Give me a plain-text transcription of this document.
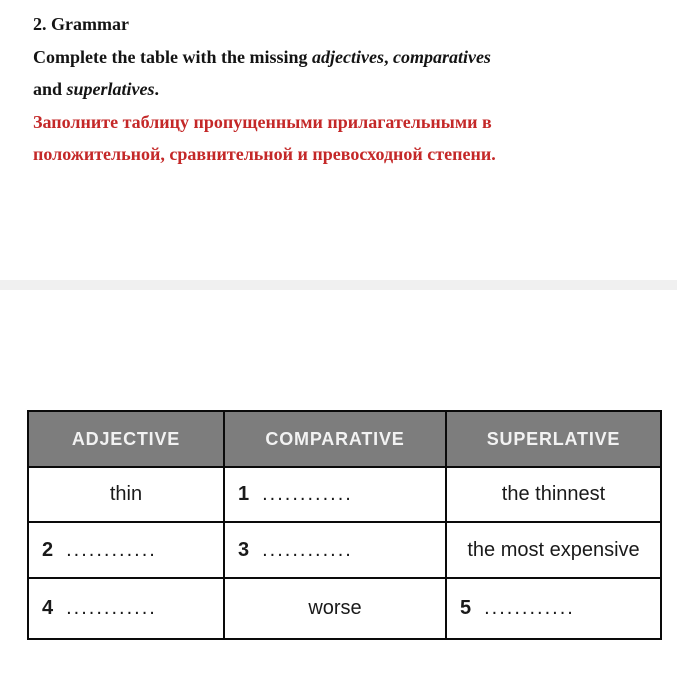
2. Grammar
Complete the table with the missing adjectives, comparatives
and superlatives.
Заполните таблицу пропущенными прилагательными в
положительной, сравнительной и превосходной степени.
ADJECTIVE	COMPARATIVE	SUPERLATIVE
thin	1 ............	the thinnest
2 ............	3 ............	the most expensive
4 ............	worse	5 ............
